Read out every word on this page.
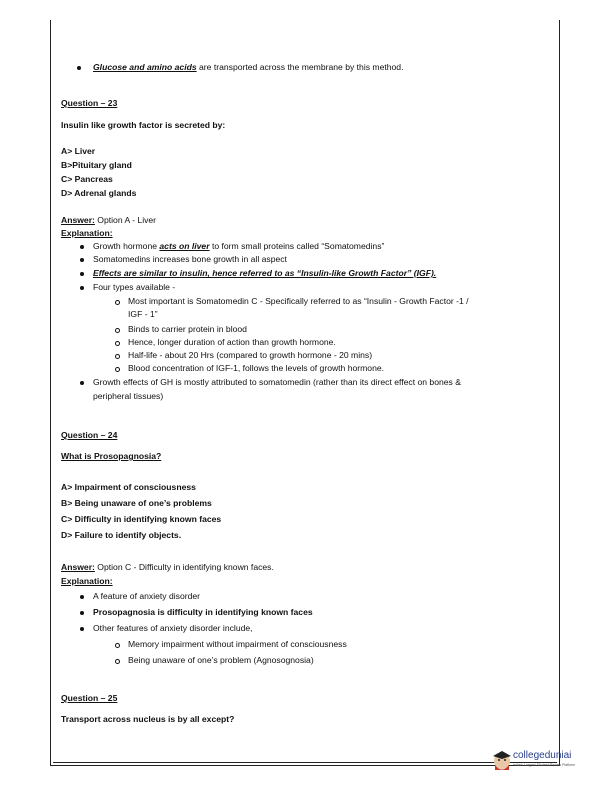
Glucose and amino acids are transported across the membrane by this method.
Question – 23
Insulin like growth factor is secreted by:
A> Liver
B>Pituitary gland
C> Pancreas
D> Adrenal glands
Answer: Option A - Liver
Explanation:
Growth hormone acts on liver to form small proteins called “Somatomedins”
Somatomedins increases bone growth in all aspect
Effects are similar to insulin, hence referred to as “Insulin-like Growth Factor” (IGF).
Four types available -
Most important is Somatomedin C - Specifically referred to as “Insulin - Growth Factor -1 /
IGF - 1”
Binds to carrier protein in blood
Hence, longer duration of action than growth hormone.
Half-life - about 20 Hrs (compared to growth hormone - 20 mins)
Blood concentration of IGF-1, follows the levels of growth hormone.
Growth effects of GH is mostly attributed to somatomedin (rather than its direct effect on bones &
peripheral tissues)
Question – 24
What is Prosopagnosia?
A> Impairment of consciousness
B> Being unaware of one’s problems
C> Difficulty in identifying known faces
D> Failure to identify objects.
Answer: Option C - Difficulty in identifying known faces.
Explanation:
A feature of anxiety disorder
Prosopagnosia is difficulty in identifying known faces
Other features of anxiety disorder include,
Memory impairment without impairment of consciousness
Being unaware of one’s problem (Agnosognosia)
Question – 25
Transport across nucleus is by all except?
collegeduniai
India's Largest Student Review Platform
